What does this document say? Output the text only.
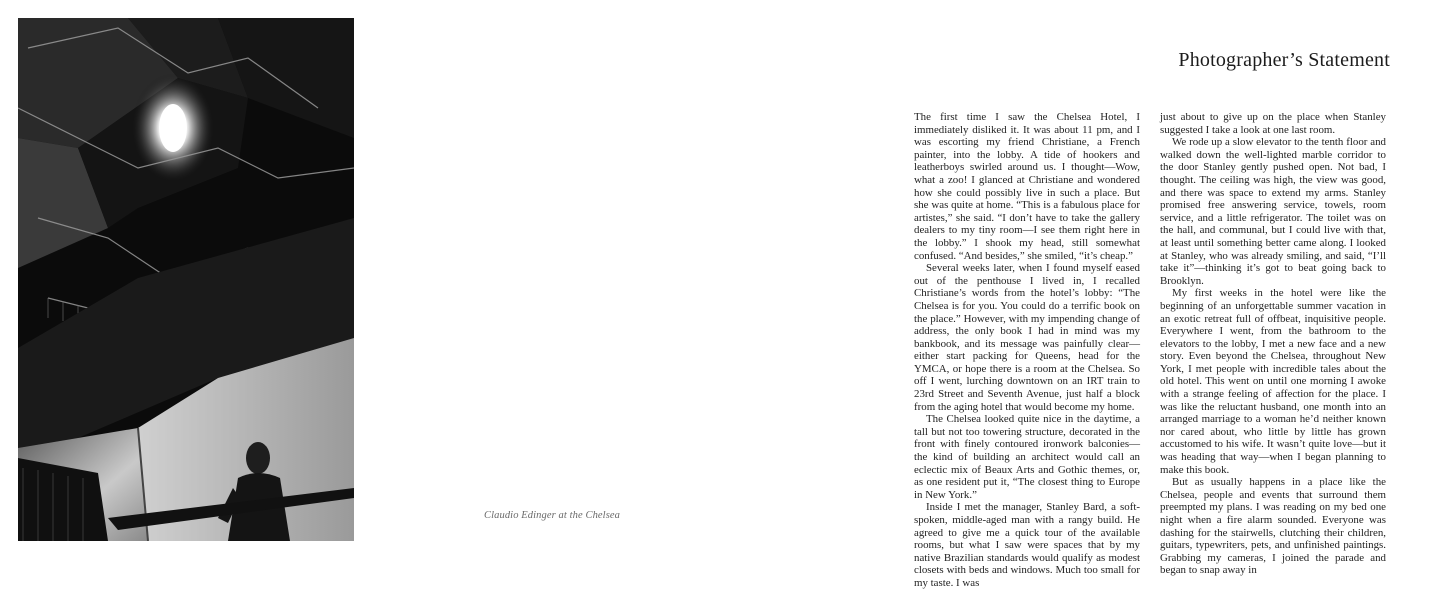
Claudio Edinger at the Chelsea
Photographer’s Statement

The first time I saw the Chelsea Hotel, I immediately disliked it. It was about 11 pm, and I was escorting my friend Christiane, a French painter, into the lobby. A tide of hookers and leatherboys swirled around us. I thought—Wow, what a zoo! I glanced at Christiane and wondered how she could possibly live in such a place. But she was quite at home. “This is a fabulous place for artistes,” she said. “I don’t have to take the gallery dealers to my tiny room—I see them right here in the lobby.” I shook my head, still somewhat confused. “And besides,” she smiled, “it’s cheap.”

Several weeks later, when I found myself eased out of the penthouse I lived in, I recalled Christiane’s words from the hotel’s lobby: “The Chelsea is for you. You could do a terrific book on the place.” However, with my impending change of address, the only book I had in mind was my bankbook, and its message was painfully clear—either start packing for Queens, head for the YMCA, or hope there is a room at the Chelsea. So off I went, lurching downtown on an IRT train to 23rd Street and Seventh Avenue, just half a block from the aging hotel that would become my home.

The Chelsea looked quite nice in the daytime, a tall but not too towering structure, decorated in the front with finely contoured ironwork balconies—the kind of building an architect would call an eclectic mix of Beaux Arts and Gothic themes, or, as one resident put it, “The closest thing to Europe in New York.”

Inside I met the manager, Stanley Bard, a soft-spoken, middle-aged man with a rangy build. He agreed to give me a quick tour of the available rooms, but what I saw were spaces that by my native Brazilian standards would qualify as modest closets with beds and windows. Much too small for my taste. I was

just about to give up on the place when Stanley suggested I take a look at one last room.

We rode up a slow elevator to the tenth floor and walked down the well-lighted marble corridor to the door Stanley gently pushed open. Not bad, I thought. The ceiling was high, the view was good, and there was space to extend my arms. Stanley promised free answering service, towels, room service, and a little refrigerator. The toilet was on the hall, and communal, but I could live with that, at least until something better came along. I looked at Stanley, who was already smiling, and said, “I’ll take it”—thinking it’s got to beat going back to Brooklyn.

My first weeks in the hotel were like the beginning of an unforgettable summer vacation in an exotic retreat full of offbeat, inquisitive people. Everywhere I went, from the bathroom to the elevators to the lobby, I met a new face and a new story. Even beyond the Chelsea, throughout New York, I met people with incredible tales about the old hotel. This went on until one morning I awoke with a strange feeling of affection for the place. I was like the reluctant husband, one month into an arranged marriage to a woman he’d neither known nor cared about, who little by little has grown accustomed to his wife. It wasn’t quite love—but it was heading that way—when I began planning to make this book.

But as usually happens in a place like the Chelsea, people and events that surround them preempted my plans. I was reading on my bed one night when a fire alarm sounded. Everyone was dashing for the stairwells, clutching their children, guitars, typewriters, pets, and unfinished paintings. Grabbing my cameras, I joined the parade and began to snap away in
